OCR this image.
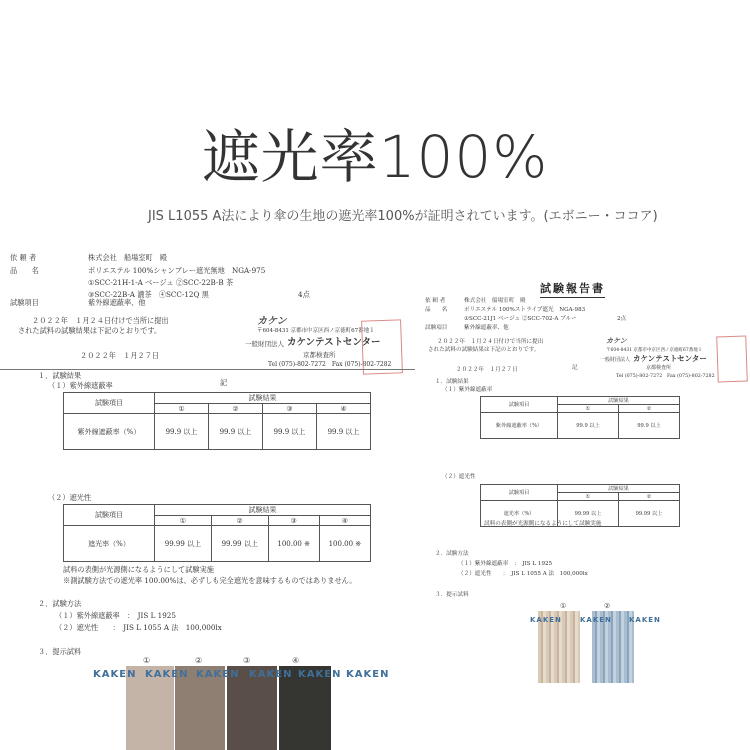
遮光率100%
JIS L1055 A法により傘の生地の遮光率100%が証明されています。(エボニー・ココア)
依 頼 者	株式会社　船場室町　殿
品　　名	ポリエステル 100%シャンブレー遮光無地　NGA-975
①SCC-21H-1-A ベージュ ②SCC-22B-B 茶
③SCC-22B-A 濃茶　④SCC-12Q 黒	4点
試験項目	紫外線遮蔽率、他
２０２２年　１月２４日付けで当所に提出
された試料の試験結果は下記のとおりです。
２０２２年　１月２７日
カケン
〒604-8431 京都市中京区西ノ京徳町67番地１
一般財団法人 カケンテストセンター
京都検査所
Tel (075)-802-7272　Fax (075)-802-7282
記
１．試験結果
（１）紫外線遮蔽率
試験項目	試験結果			
	①	②	③	④
紫外線遮蔽率（%）	99.9 以上	99.9 以上	99.9 以上	99.9 以上
（２）遮光性
試験項目	試験結果			
	①	②	③	④
遮光率（%）	99.99 以上	99.99 以上	100.00 ※	100.00 ※
試料の表側が光源側になるようにして試験実施
※測試験方法での遮光率 100.00%は、必ずしも完全遮光を意味するものではありません。
２．試験方法
（１）紫外線遮蔽率　：　JIS L 1925
（２）遮光性　　：　JIS L 1055 A 法　100,000lx
３．提示試料
①	②	③	④
KAKEN KAKEN KAKEN KAKEN KAKEN KAKEN
試験報告書
依 頼 者	株式会社　船場室町　殿
品　　名	ポリエステル 100%ストライプ遮光　NGA-983
①SCC-21J1 ベージュ ②SCC-702-A ブルー	2点
試験項目	紫外線遮蔽率、他
２０２２年　１月２４日付けで当所に提出
された試料の試験結果は下記のとおりです。
２０２２年　１月２７日
カケン
〒604-8431 京都市中京区西ノ京徳町67番地１
一般財団法人 カケンテストセンター
京都検査所
Tel (075)-802-7272　Fax (075)-802-7282
記
１．試験結果
（１）紫外線遮蔽率
試験項目	試験結果	
	①	②
紫外線遮蔽率（%）	99.9 以上	99.9 以上
（２）遮光性
試験項目	試験結果	
	①	②
遮光率（%）	99.99 以上	99.99 以上
試料の表側が光源側になるようにして試験実施
２．試験方法
（１）紫外線遮蔽率　：　JIS L 1925
（２）遮光性　　：　JIS L 1055 A 法　100,000lx
３．提示試料
①	②
KAKEN	KAKEN KAKEN
